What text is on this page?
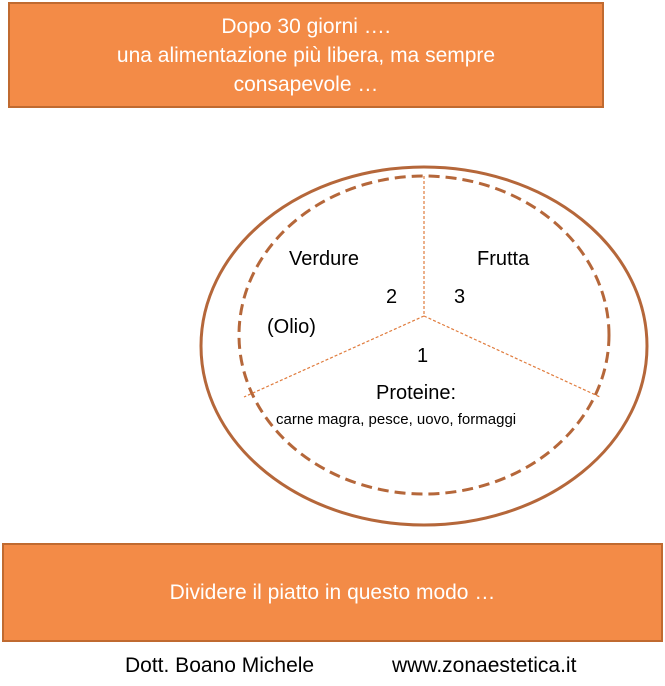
Dopo 30 giorni ….
una alimentazione più libera, ma sempre
consapevole …
Verdure
2
(Olio)
Frutta
3
1
Proteine:
carne magra, pesce, uovo, formaggi
Dividere il piatto in questo modo …
Dott. Boano Michele	www.zonaestetica.it
